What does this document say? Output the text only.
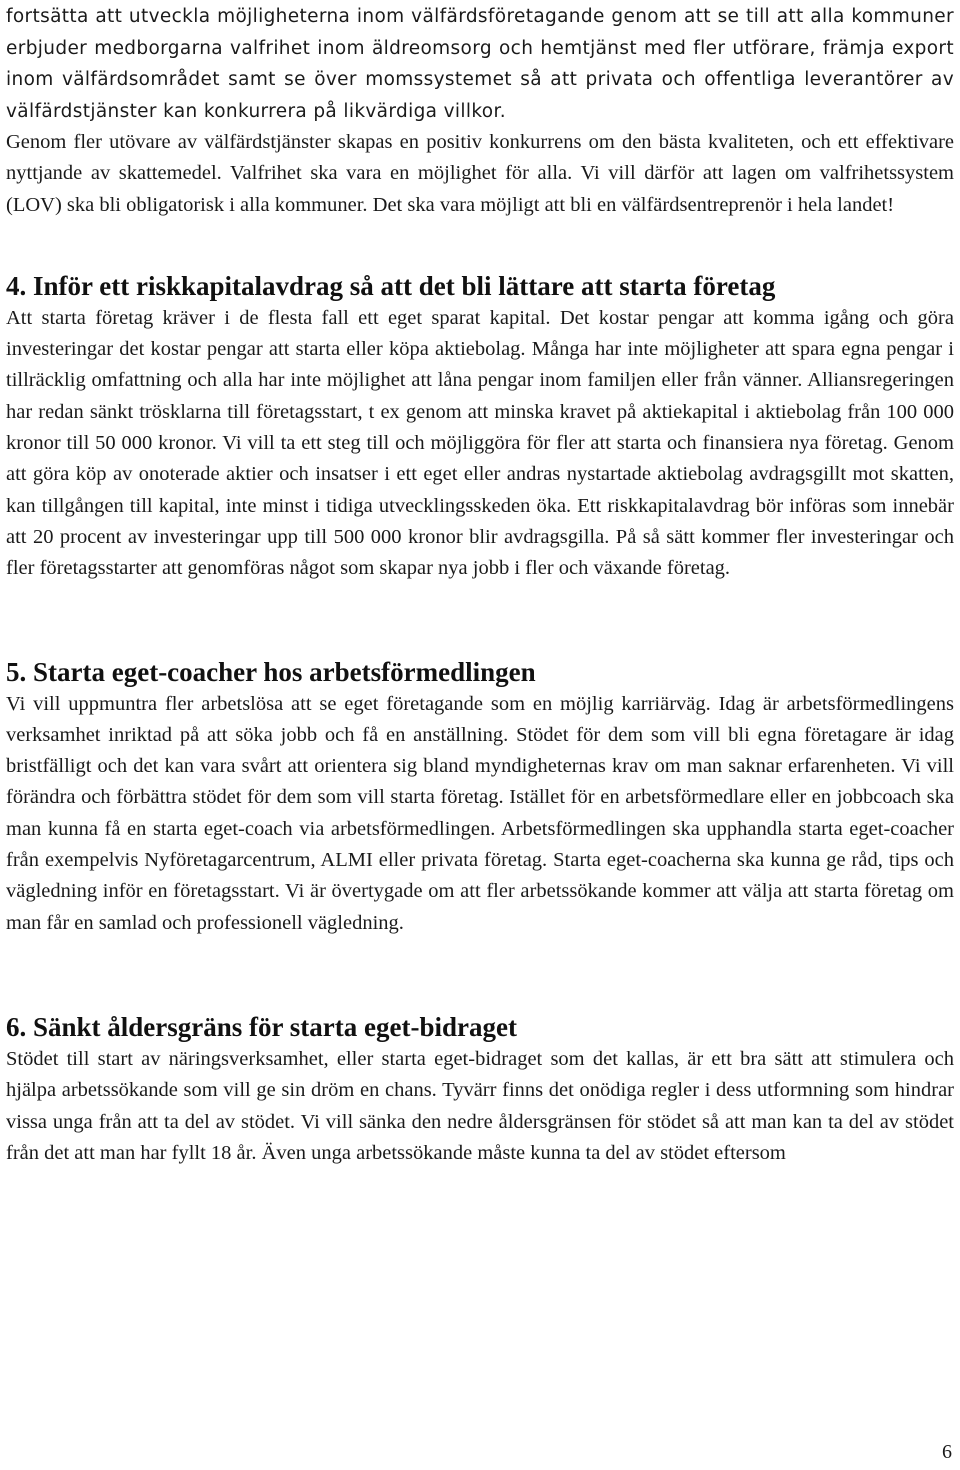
fortsätta att utveckla möjligheterna inom välfärdsföretagande genom att se till att alla kommuner erbjuder medborgarna valfrihet inom äldreomsorg och hemtjänst med fler utförare, främja export inom välfärdsområdet samt se över momssystemet så att privata och offentliga leverantörer av välfärdstjänster kan konkurrera på likvärdiga villkor.

Genom fler utövare av välfärdstjänster skapas en positiv konkurrens om den bästa kvaliteten, och ett effektivare nyttjande av skattemedel. Valfrihet ska vara en möjlighet för alla. Vi vill därför att lagen om valfrihetssystem (LOV) ska bli obligatorisk i alla kommuner. Det ska vara möjligt att bli en välfärdsentreprenör i hela landet!

4. Inför ett riskkapitalavdrag så att det bli lättare att starta företag

Att starta företag kräver i de flesta fall ett eget sparat kapital. Det kostar pengar att komma igång och göra investeringar det kostar pengar att starta eller köpa aktiebolag. Många har inte möjligheter att spara egna pengar i tillräcklig omfattning och alla har inte möjlighet att låna pengar inom familjen eller från vänner. Alliansregeringen har redan sänkt trösklarna till företagsstart, t ex genom att minska kravet på aktiekapital i aktiebolag från 100 000 kronor till 50 000 kronor. Vi vill ta ett steg till och möjliggöra för fler att starta och finansiera nya företag. Genom att göra köp av onoterade aktier och insatser i ett eget eller andras nystartade aktiebolag avdragsgillt mot skatten, kan tillgången till kapital, inte minst i tidiga utvecklingsskeden öka. Ett riskkapitalavdrag bör införas som innebär att 20 procent av investeringar upp till 500 000 kronor blir avdragsgilla. På så sätt kommer fler investeringar och fler företagsstarter att genomföras något som skapar nya jobb i fler och växande företag.

5. Starta eget-coacher hos arbetsförmedlingen

Vi vill uppmuntra fler arbetslösa att se eget företagande som en möjlig karriärväg. Idag är arbetsförmedlingens verksamhet inriktad på att söka jobb och få en anställning. Stödet för dem som vill bli egna företagare är idag bristfälligt och det kan vara svårt att orientera sig bland myndigheternas krav om man saknar erfarenheten. Vi vill förändra och förbättra stödet för dem som vill starta företag. Istället för en arbetsförmedlare eller en jobbcoach ska man kunna få en starta eget-coach via arbetsförmedlingen. Arbetsförmedlingen ska upphandla starta eget-coacher från exempelvis Nyföretagarcentrum, ALMI eller privata företag. Starta eget-coacherna ska kunna ge råd, tips och vägledning inför en företagsstart. Vi är övertygade om att fler arbetssökande kommer att välja att starta företag om man får en samlad och professionell vägledning.

6. Sänkt åldersgräns för starta eget-bidraget

Stödet till start av näringsverksamhet, eller starta eget-bidraget som det kallas, är ett bra sätt att stimulera och hjälpa arbetssökande som vill ge sin dröm en chans. Tyvärr finns det onödiga regler i dess utformning som hindrar vissa unga från att ta del av stödet. Vi vill sänka den nedre åldersgränsen för stödet så att man kan ta del av stödet från det att man har fyllt 18 år. Även unga arbetssökande måste kunna ta del av stödet eftersom

6
